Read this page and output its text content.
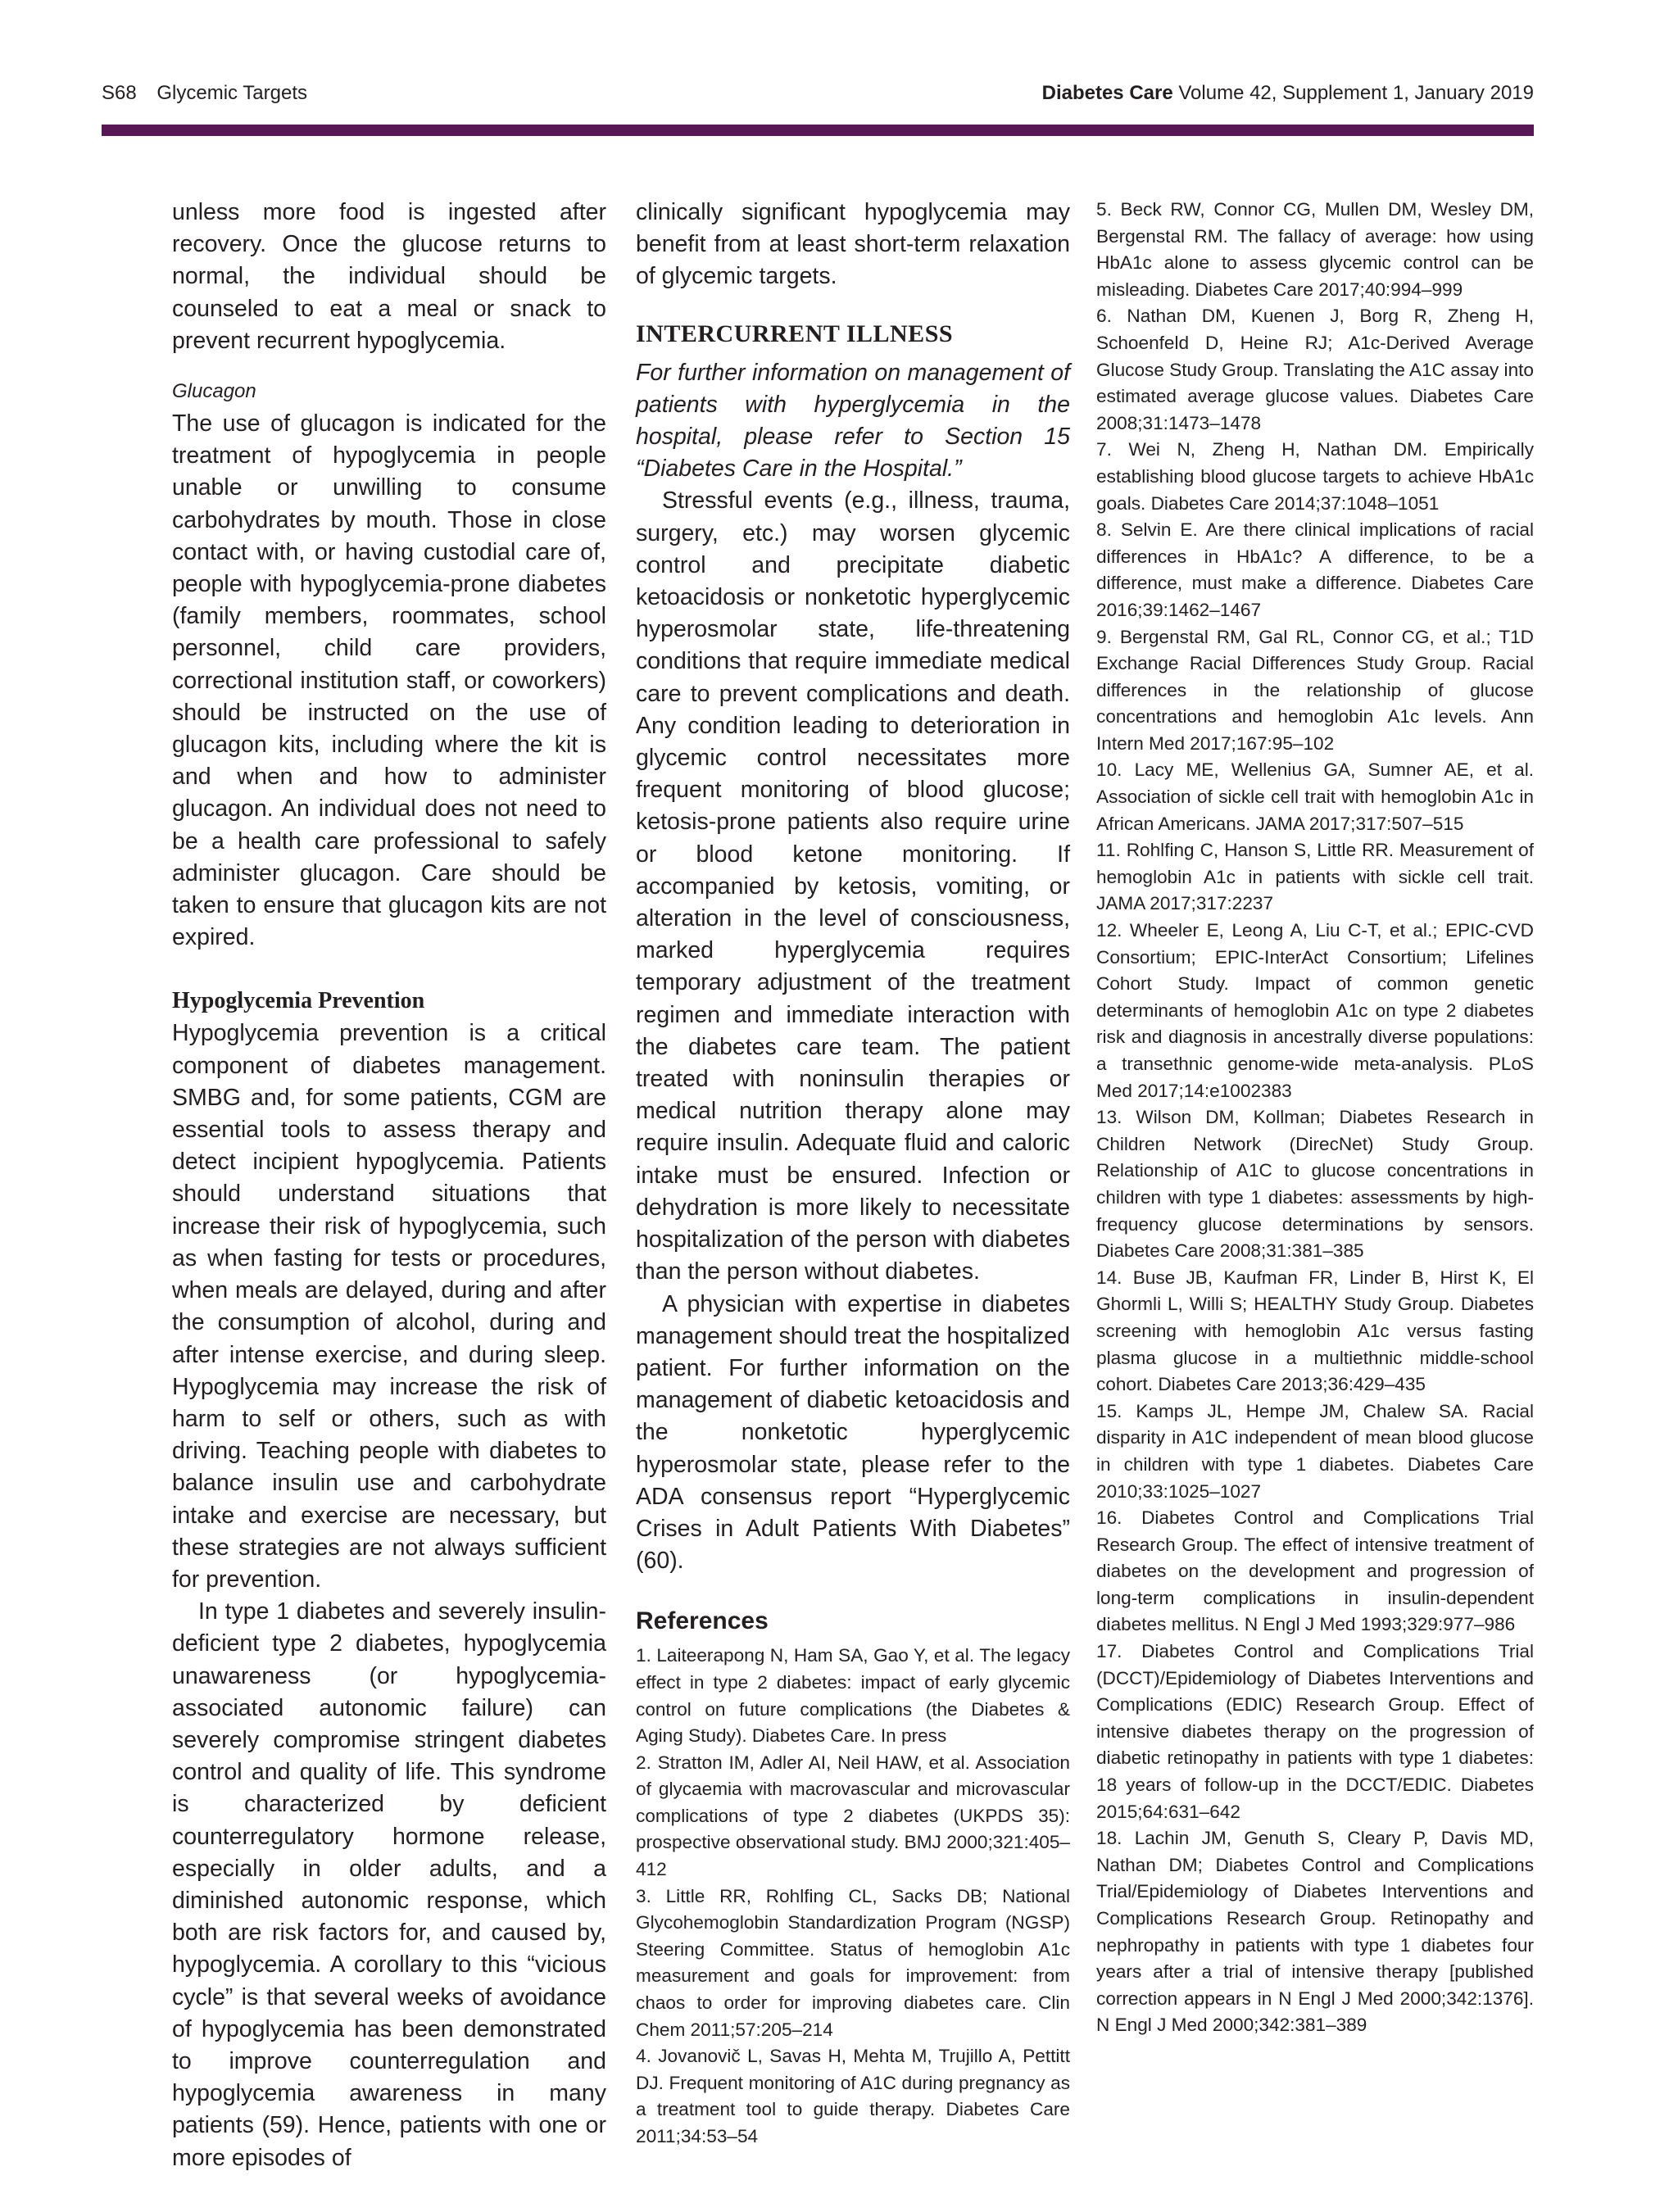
S68 Glycemic Targets	Diabetes Care Volume 42, Supplement 1, January 2019

unless more food is ingested after recovery. Once the glucose returns to normal, the individual should be counseled to eat a meal or snack to prevent recurrent hypoglycemia.

Glucagon

The use of glucagon is indicated for the treatment of hypoglycemia in people unable or unwilling to consume carbohydrates by mouth. Those in close contact with, or having custodial care of, people with hypoglycemia-prone diabetes (family members, roommates, school personnel, child care providers, correctional institution staff, or coworkers) should be instructed on the use of glucagon kits, including where the kit is and when and how to administer glucagon. An individual does not need to be a health care professional to safely administer glucagon. Care should be taken to ensure that glucagon kits are not expired.

Hypoglycemia Prevention

Hypoglycemia prevention is a critical component of diabetes management. SMBG and, for some patients, CGM are essential tools to assess therapy and detect incipient hypoglycemia. Patients should understand situations that increase their risk of hypoglycemia, such as when fasting for tests or procedures, when meals are delayed, during and after the consumption of alcohol, during and after intense exercise, and during sleep. Hypoglycemia may increase the risk of harm to self or others, such as with driving. Teaching people with diabetes to balance insulin use and carbohydrate intake and exercise are necessary, but these strategies are not always sufficient for prevention.

In type 1 diabetes and severely insulin-deficient type 2 diabetes, hypoglycemia unawareness (or hypoglycemia-associated autonomic failure) can severely compromise stringent diabetes control and quality of life. This syndrome is characterized by deficient counterregulatory hormone release, especially in older adults, and a diminished autonomic response, which both are risk factors for, and caused by, hypoglycemia. A corollary to this “vicious cycle” is that several weeks of avoidance of hypoglycemia has been demonstrated to improve counterregulation and hypoglycemia awareness in many patients (59). Hence, patients with one or more episodes of

clinically significant hypoglycemia may benefit from at least short-term relaxation of glycemic targets.

INTERCURRENT ILLNESS

For further information on management of patients with hyperglycemia in the hospital, please refer to Section 15 “Diabetes Care in the Hospital.”

Stressful events (e.g., illness, trauma, surgery, etc.) may worsen glycemic control and precipitate diabetic ketoacidosis or nonketotic hyperglycemic hyperosmolar state, life-threatening conditions that require immediate medical care to prevent complications and death. Any condition leading to deterioration in glycemic control necessitates more frequent monitoring of blood glucose; ketosis-prone patients also require urine or blood ketone monitoring. If accompanied by ketosis, vomiting, or alteration in the level of consciousness, marked hyperglycemia requires temporary adjustment of the treatment regimen and immediate interaction with the diabetes care team. The patient treated with noninsulin therapies or medical nutrition therapy alone may require insulin. Adequate fluid and caloric intake must be ensured. Infection or dehydration is more likely to necessitate hospitalization of the person with diabetes than the person without diabetes.

A physician with expertise in diabetes management should treat the hospitalized patient. For further information on the management of diabetic ketoacidosis and the nonketotic hyperglycemic hyperosmolar state, please refer to the ADA consensus report “Hyperglycemic Crises in Adult Patients With Diabetes” (60).

References
1. Laiteerapong N, Ham SA, Gao Y, et al. The legacy effect in type 2 diabetes: impact of early glycemic control on future complications (the Diabetes & Aging Study). Diabetes Care. In press
2. Stratton IM, Adler AI, Neil HAW, et al. Association of glycaemia with macrovascular and microvascular complications of type 2 diabetes (UKPDS 35): prospective observational study. BMJ 2000;321:405–412
3. Little RR, Rohlfing CL, Sacks DB; National Glycohemoglobin Standardization Program (NGSP) Steering Committee. Status of hemoglobin A1c measurement and goals for improvement: from chaos to order for improving diabetes care. Clin Chem 2011;57:205–214
4. Jovanovič L, Savas H, Mehta M, Trujillo A, Pettitt DJ. Frequent monitoring of A1C during pregnancy as a treatment tool to guide therapy. Diabetes Care 2011;34:53–54
5. Beck RW, Connor CG, Mullen DM, Wesley DM, Bergenstal RM. The fallacy of average: how using HbA1c alone to assess glycemic control can be misleading. Diabetes Care 2017;40:994–999
6. Nathan DM, Kuenen J, Borg R, Zheng H, Schoenfeld D, Heine RJ; A1c-Derived Average Glucose Study Group. Translating the A1C assay into estimated average glucose values. Diabetes Care 2008;31:1473–1478
7. Wei N, Zheng H, Nathan DM. Empirically establishing blood glucose targets to achieve HbA1c goals. Diabetes Care 2014;37:1048–1051
8. Selvin E. Are there clinical implications of racial differences in HbA1c? A difference, to be a difference, must make a difference. Diabetes Care 2016;39:1462–1467
9. Bergenstal RM, Gal RL, Connor CG, et al.; T1D Exchange Racial Differences Study Group. Racial differences in the relationship of glucose concentrations and hemoglobin A1c levels. Ann Intern Med 2017;167:95–102
10. Lacy ME, Wellenius GA, Sumner AE, et al. Association of sickle cell trait with hemoglobin A1c in African Americans. JAMA 2017;317:507–515
11. Rohlfing C, Hanson S, Little RR. Measurement of hemoglobin A1c in patients with sickle cell trait. JAMA 2017;317:2237
12. Wheeler E, Leong A, Liu C-T, et al.; EPIC-CVD Consortium; EPIC-InterAct Consortium; Lifelines Cohort Study. Impact of common genetic determinants of hemoglobin A1c on type 2 diabetes risk and diagnosis in ancestrally diverse populations: a transethnic genome-wide meta-analysis. PLoS Med 2017;14:e1002383
13. Wilson DM, Kollman; Diabetes Research in Children Network (DirecNet) Study Group. Relationship of A1C to glucose concentrations in children with type 1 diabetes: assessments by high-frequency glucose determinations by sensors. Diabetes Care 2008;31:381–385
14. Buse JB, Kaufman FR, Linder B, Hirst K, El Ghormli L, Willi S; HEALTHY Study Group. Diabetes screening with hemoglobin A1c versus fasting plasma glucose in a multiethnic middle-school cohort. Diabetes Care 2013;36:429–435
15. Kamps JL, Hempe JM, Chalew SA. Racial disparity in A1C independent of mean blood glucose in children with type 1 diabetes. Diabetes Care 2010;33:1025–1027
16. Diabetes Control and Complications Trial Research Group. The effect of intensive treatment of diabetes on the development and progression of long-term complications in insulin-dependent diabetes mellitus. N Engl J Med 1993;329:977–986
17. Diabetes Control and Complications Trial (DCCT)/Epidemiology of Diabetes Interventions and Complications (EDIC) Research Group. Effect of intensive diabetes therapy on the progression of diabetic retinopathy in patients with type 1 diabetes: 18 years of follow-up in the DCCT/EDIC. Diabetes 2015;64:631–642
18. Lachin JM, Genuth S, Cleary P, Davis MD, Nathan DM; Diabetes Control and Complications Trial/Epidemiology of Diabetes Interventions and Complications Research Group. Retinopathy and nephropathy in patients with type 1 diabetes four years after a trial of intensive therapy [published correction appears in N Engl J Med 2000;342:1376]. N Engl J Med 2000;342:381–389
